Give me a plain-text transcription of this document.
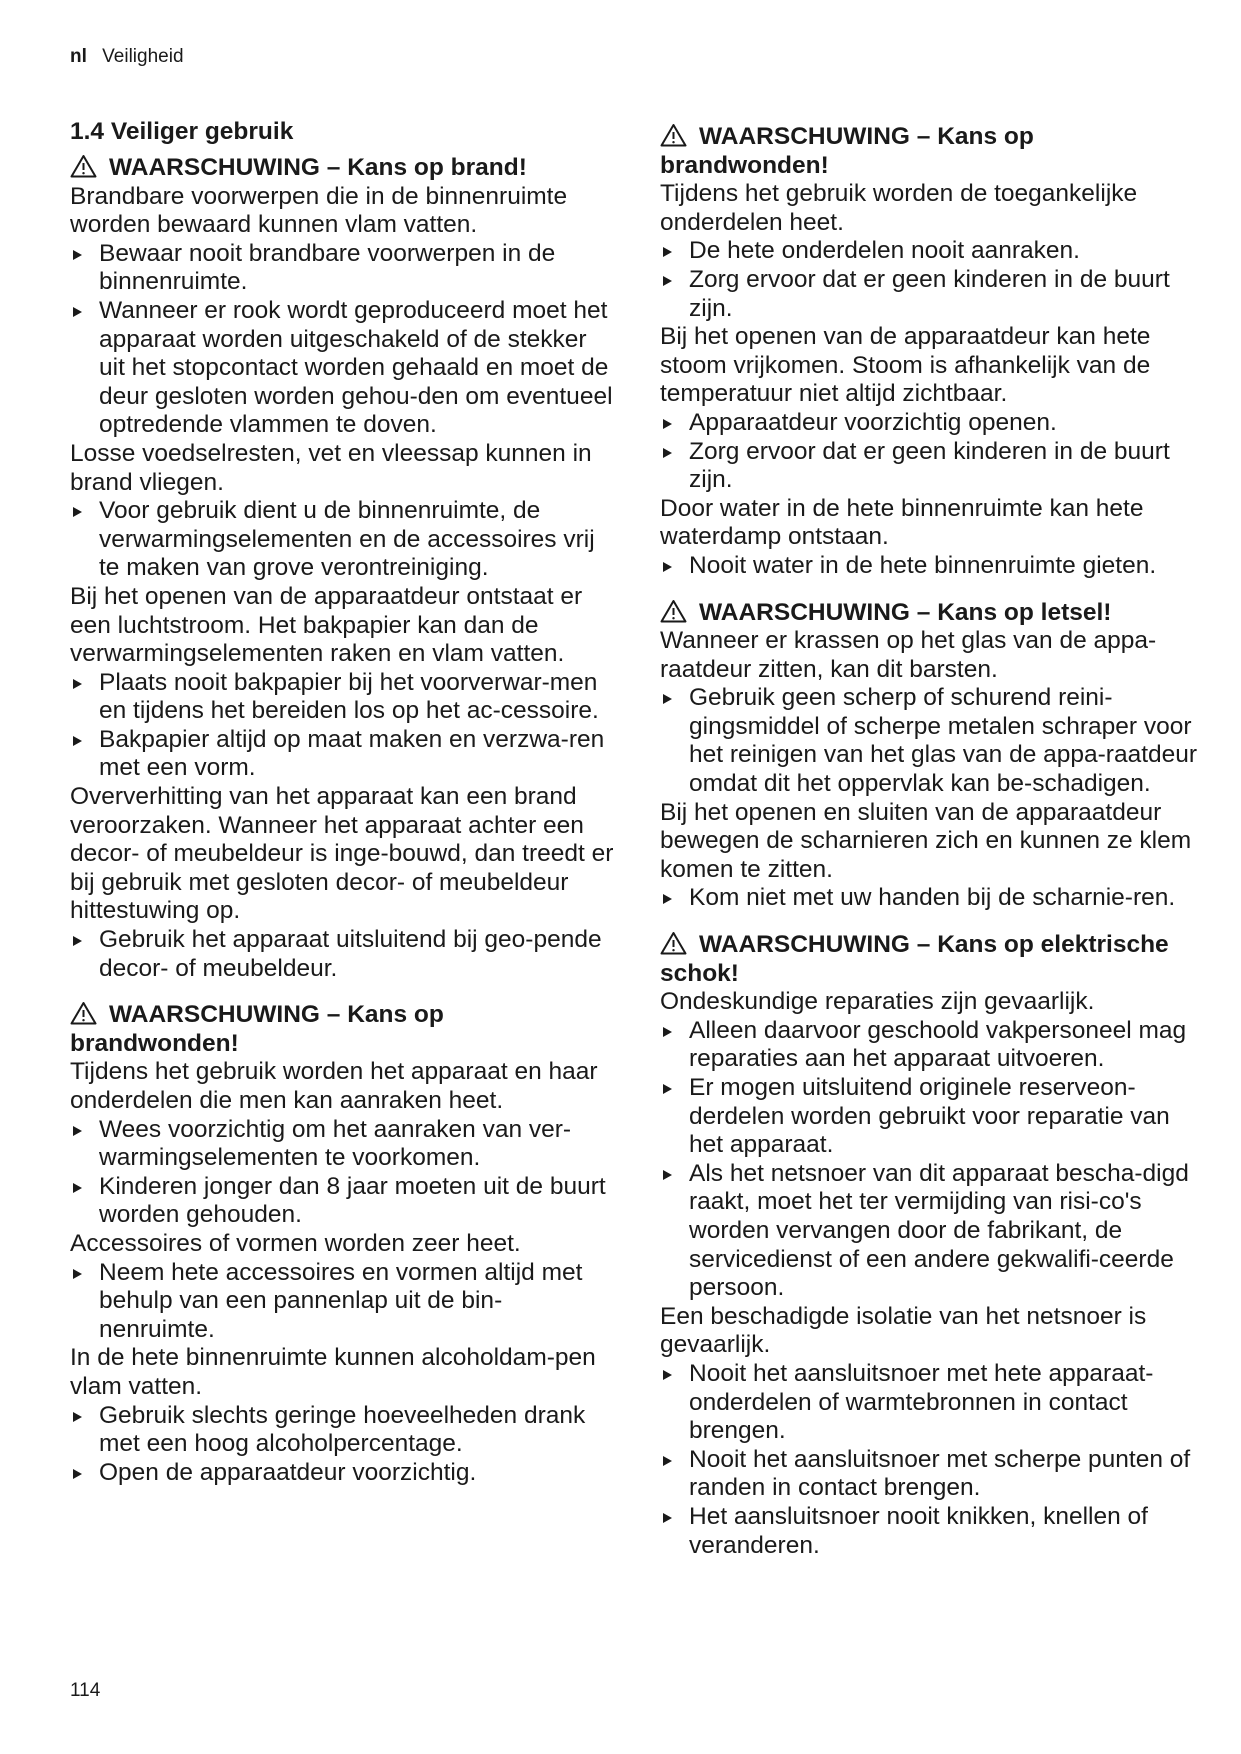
nl Veiligheid
1.4 Veiliger gebruik

WAARSCHUWING – Kans op brand!

Brandbare voorwerpen die in de binnenruimte worden bewaard kunnen vlam vatten.

Bewaar nooit brandbare voorwerpen in de binnenruimte.
Wanneer er rook wordt geproduceerd moet het apparaat worden uitgeschakeld of de stekker uit het stopcontact worden gehaald en moet de deur gesloten worden gehou-den om eventueel optredende vlammen te doven.

Losse voedselresten, vet en vleessap kunnen in brand vliegen.

Voor gebruik dient u de binnenruimte, de verwarmingselementen en de accessoires vrij te maken van grove verontreiniging.

Bij het openen van de apparaatdeur ontstaat er een luchtstroom. Het bakpapier kan dan de verwarmingselementen raken en vlam vatten.

Plaats nooit bakpapier bij het voorverwar-men en tijdens het bereiden los op het ac-cessoire.
Bakpapier altijd op maat maken en verzwa-ren met een vorm.

Oververhitting van het apparaat kan een brand veroorzaken. Wanneer het apparaat achter een decor- of meubeldeur is inge-bouwd, dan treedt er bij gebruik met gesloten decor- of meubeldeur hittestuwing op.

Gebruik het apparaat uitsluitend bij geo-pende decor- of meubeldeur.

WAARSCHUWING – Kans op brandwonden!

Tijdens het gebruik worden het apparaat en haar onderdelen die men kan aanraken heet.

Wees voorzichtig om het aanraken van ver-warmingselementen te voorkomen.
Kinderen jonger dan 8 jaar moeten uit de buurt worden gehouden.

Accessoires of vormen worden zeer heet.

Neem hete accessoires en vormen altijd met behulp van een pannenlap uit de bin-nenruimte.

In de hete binnenruimte kunnen alcoholdam-pen vlam vatten.

Gebruik slechts geringe hoeveelheden drank met een hoog alcoholpercentage.
Open de apparaatdeur voorzichtig.

WAARSCHUWING – Kans op brandwonden!

Tijdens het gebruik worden de toegankelijke onderdelen heet.

De hete onderdelen nooit aanraken.
Zorg ervoor dat er geen kinderen in de buurt zijn.

Bij het openen van de apparaatdeur kan hete stoom vrijkomen. Stoom is afhankelijk van de temperatuur niet altijd zichtbaar.

Apparaatdeur voorzichtig openen.
Zorg ervoor dat er geen kinderen in de buurt zijn.

Door water in de hete binnenruimte kan hete waterdamp ontstaan.

Nooit water in de hete binnenruimte gieten.

WAARSCHUWING – Kans op letsel!

Wanneer er krassen op het glas van de appa-raatdeur zitten, kan dit barsten.

Gebruik geen scherp of schurend reini-gingsmiddel of scherpe metalen schraper voor het reinigen van het glas van de appa-raatdeur omdat dit het oppervlak kan be-schadigen.

Bij het openen en sluiten van de apparaatdeur bewegen de scharnieren zich en kunnen ze klem komen te zitten.

Kom niet met uw handen bij de scharnie-ren.

WAARSCHUWING – Kans op elektrische schok!

Ondeskundige reparaties zijn gevaarlijk.

Alleen daarvoor geschoold vakpersoneel mag reparaties aan het apparaat uitvoeren.
Er mogen uitsluitend originele reserveon-derdelen worden gebruikt voor reparatie van het apparaat.
Als het netsnoer van dit apparaat bescha-digd raakt, moet het ter vermijding van risi-co's worden vervangen door de fabrikant, de servicedienst of een andere gekwalifi-ceerde persoon.

Een beschadigde isolatie van het netsnoer is gevaarlijk.

Nooit het aansluitsnoer met hete apparaat-onderdelen of warmtebronnen in contact brengen.
Nooit het aansluitsnoer met scherpe punten of randen in contact brengen.
Het aansluitsnoer nooit knikken, knellen of veranderen.
114
